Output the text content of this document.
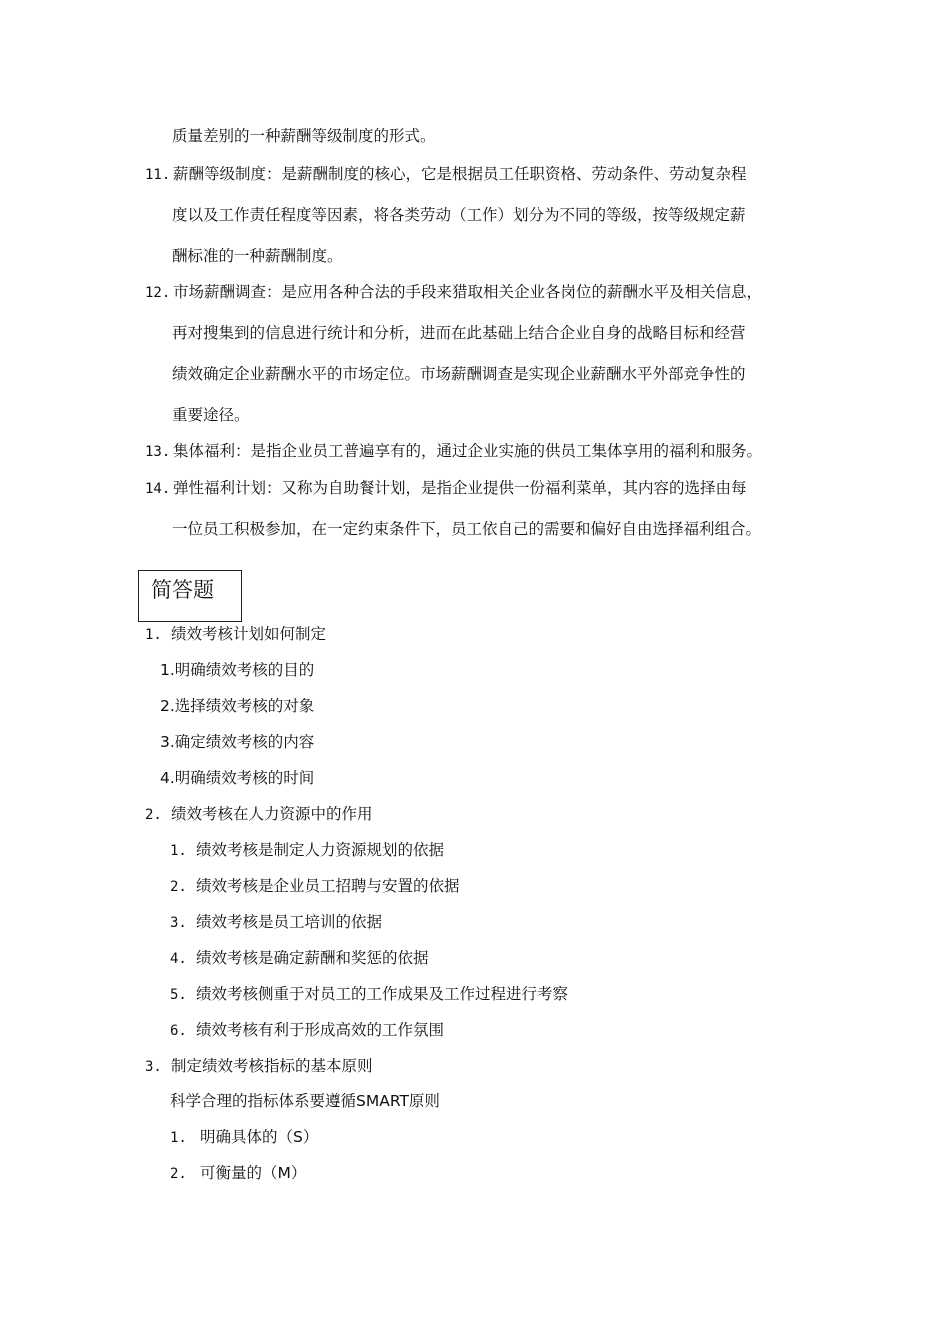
质量差别的一种薪酬等级制度的形式。
11. 薪酬等级制度：是薪酬制度的核心，它是根据员工任职资格、劳动条件、劳动复杂程
度以及工作责任程度等因素，将各类劳动（工作）划分为不同的等级，按等级规定薪
酬标准的一种薪酬制度。
12. 市场薪酬调查：是应用各种合法的手段来猎取相关企业各岗位的薪酬水平及相关信息，
再对搜集到的信息进行统计和分析，进而在此基础上结合企业自身的战略目标和经营
绩效确定企业薪酬水平的市场定位。市场薪酬调查是实现企业薪酬水平外部竞争性的
重要途径。
13. 集体福利：是指企业员工普遍享有的，通过企业实施的供员工集体享用的福利和服务。
14. 弹性福利计划：又称为自助餐计划，是指企业提供一份福利菜单，其内容的选择由每
一位员工积极参加，在一定约束条件下，员工依自己的需要和偏好自由选择福利组合。
简答题
1. 绩效考核计划如何制定
1.明确绩效考核的目的
2.选择绩效考核的对象
3.确定绩效考核的内容
4.明确绩效考核的时间
2. 绩效考核在人力资源中的作用
1. 绩效考核是制定人力资源规划的依据
2. 绩效考核是企业员工招聘与安置的依据
3. 绩效考核是员工培训的依据
4. 绩效考核是确定薪酬和奖惩的依据
5. 绩效考核侧重于对员工的工作成果及工作过程进行考察
6. 绩效考核有利于形成高效的工作氛围
3. 制定绩效考核指标的基本原则
科学合理的指标体系要遵循SMART原则
1. 明确具体的（S）
2. 可衡量的（M）
